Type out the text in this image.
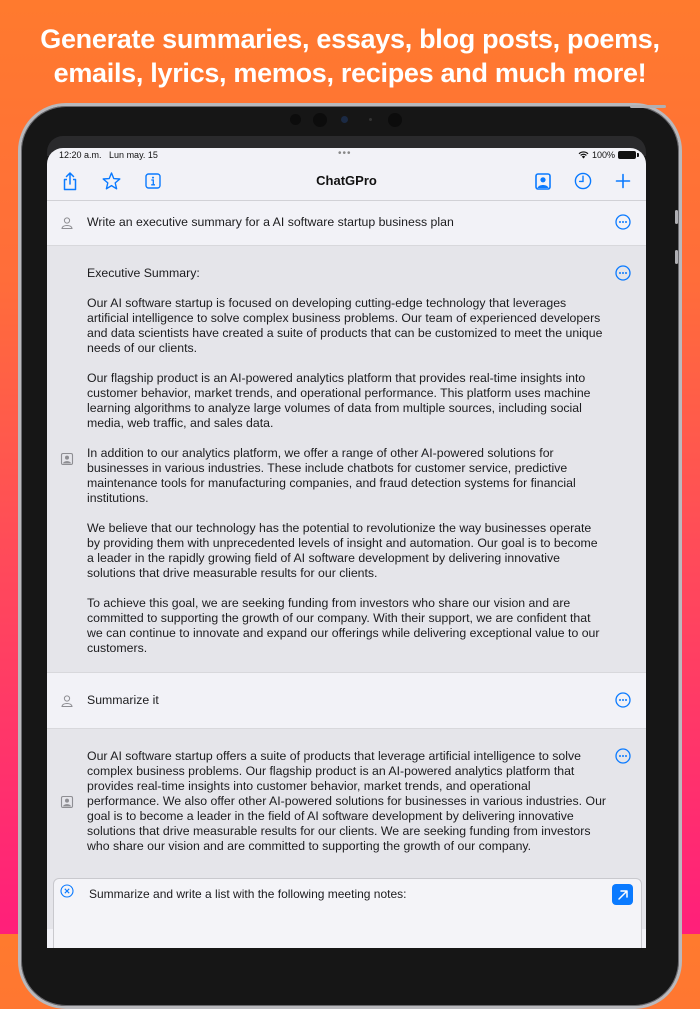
Generate summaries, essays, blog posts, poems,
emails, lyrics, memos, recipes and much more!
12:20 a.m. Lun may. 15	•••	100%
ChatGPro

Write an executive summary for a AI software startup business plan

Executive Summary:

Our AI software startup is focused on developing cutting-edge technology that leverages artificial intelligence to solve complex business problems. Our team of experienced developers and data scientists have created a suite of products that can be customized to meet the unique needs of our clients.

Our flagship product is an AI-powered analytics platform that provides real-time insights into customer behavior, market trends, and operational performance. This platform uses machine learning algorithms to analyze large volumes of data from multiple sources, including social media, web traffic, and sales data.

In addition to our analytics platform, we offer a range of other AI-powered solutions for businesses in various industries. These include chatbots for customer service, predictive maintenance tools for manufacturing companies, and fraud detection systems for financial institutions.

We believe that our technology has the potential to revolutionize the way businesses operate by providing them with unprecedented levels of insight and automation. Our goal is to become a leader in the rapidly growing field of AI software development by delivering innovative solutions that drive measurable results for our clients.

To achieve this goal, we are seeking funding from investors who share our vision and are committed to supporting the growth of our company. With their support, we are confident that we can continue to innovate and expand our offerings while delivering exceptional value to our customers.

Summarize it

Our AI software startup offers a suite of products that leverage artificial intelligence to solve complex business problems. Our flagship product is an AI-powered analytics platform that provides real-time insights into customer behavior, market trends, and operational performance. We also offer other AI-powered solutions for businesses in various industries. Our goal is to become a leader in the field of AI software development by delivering innovative solutions that drive measurable results for our clients. We are seeking funding from investors who share our vision and are committed to supporting the growth of our company.

Summarize and write a list with the following meeting notes:
